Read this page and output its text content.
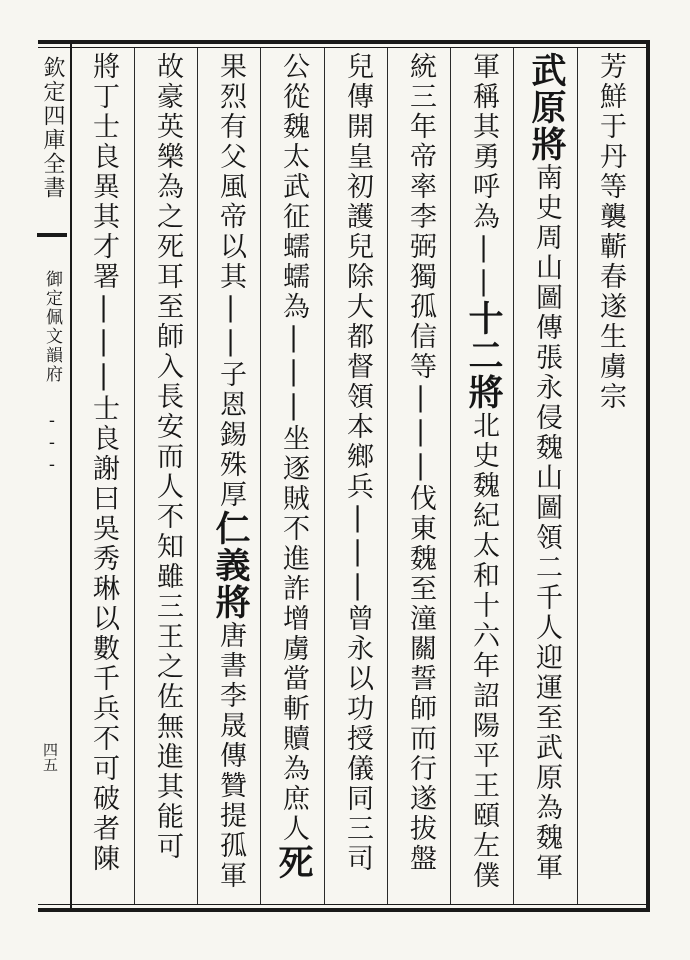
欽定四庫全書  御定佩文韻府 ---
四五
芳鮮于丹等襲蘄春遂生虜宗
武原將南史周山圖傳張永侵魏山圖領二千人迎運至武原為魏軍
軍稱其勇呼為||十二將北史魏紀太和十六年詔陽平王頤左僕
統三年帝率李弼獨孤信等|||伐東魏至潼關誓師而行遂拔盤
兒傳開皇初護兒除大都督領本鄉兵|||曾永以功授儀同三司
公從魏太武征蠕蠕為|||坐逐賊不進詐增虜當斬贖為庶人死
果烈有父風帝以其||子恩錫殊厚仁義將唐書李晟傳贊提孤軍
故豪英樂為之死耳至師入長安而人不知雖三王之佐無進其能可
將丁士良異其才署|||士良謝曰吳秀琳以數千兵不可破者陳
